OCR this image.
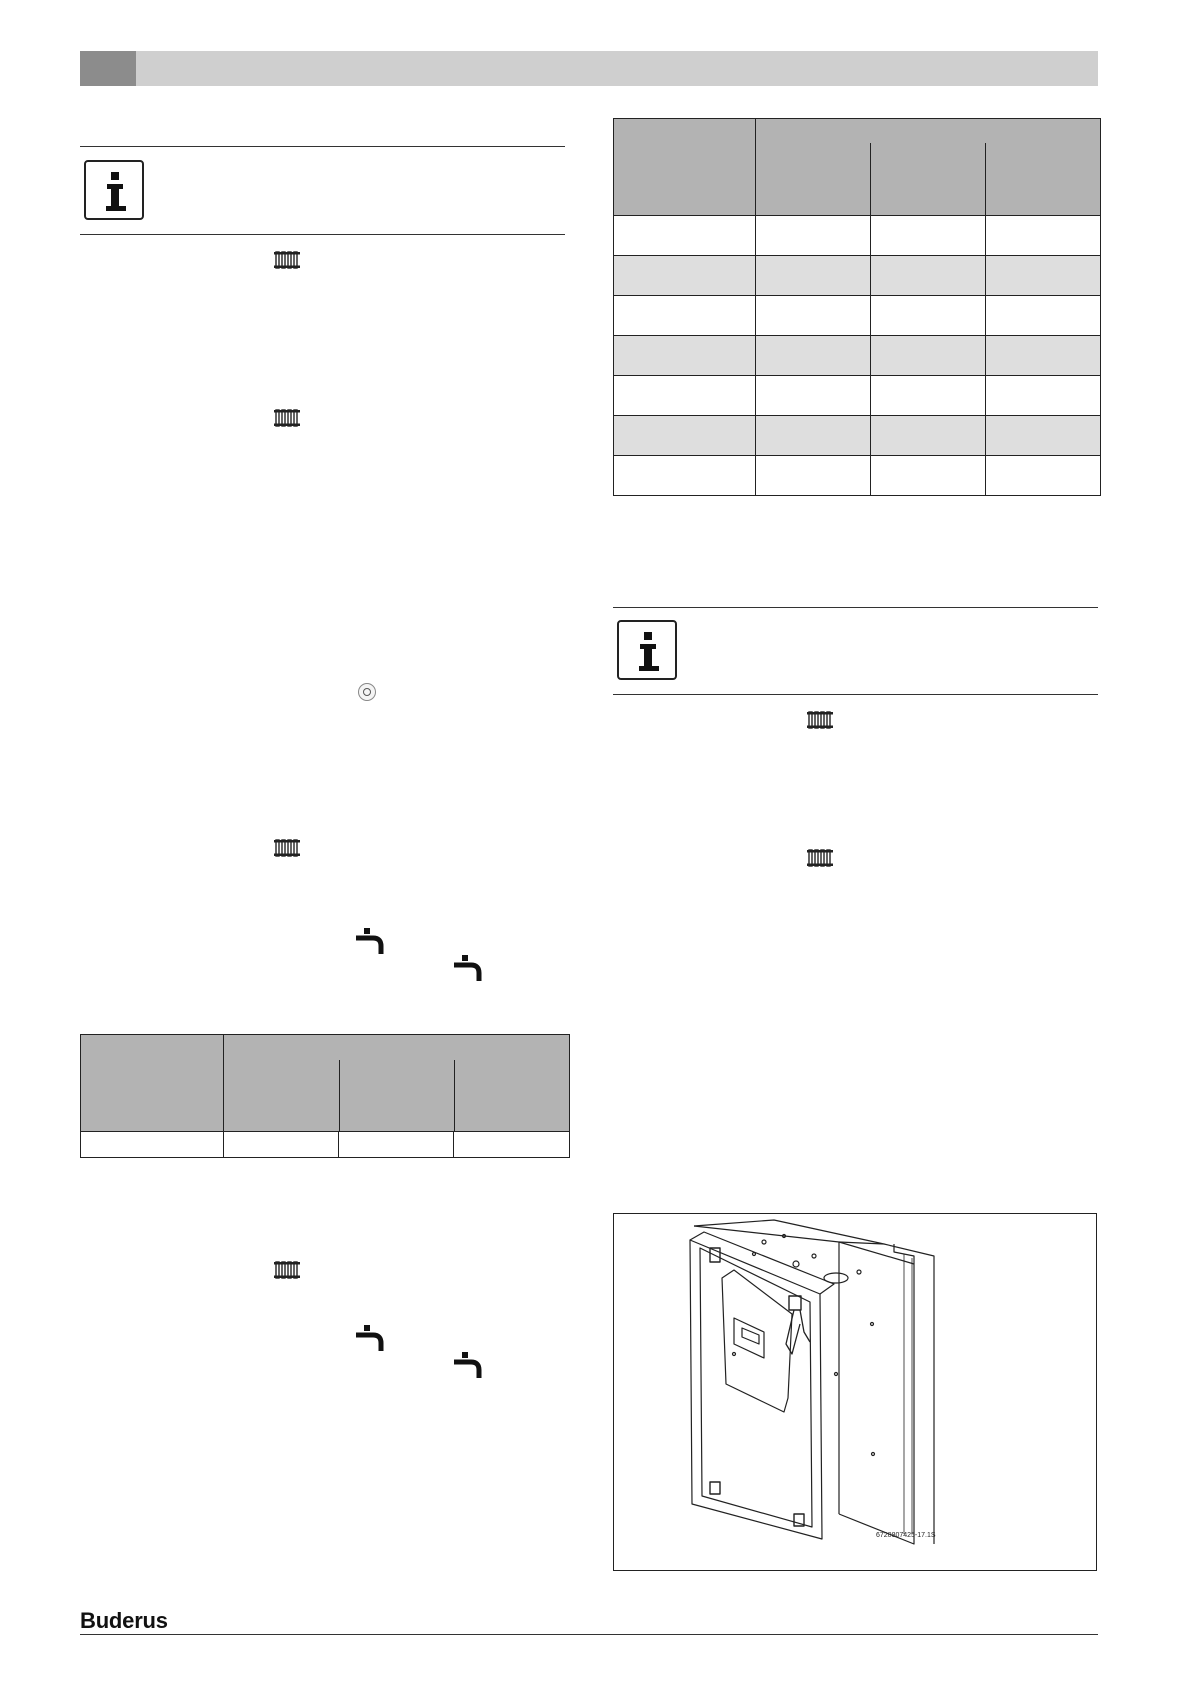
6720807425-17.1S
Buderus
